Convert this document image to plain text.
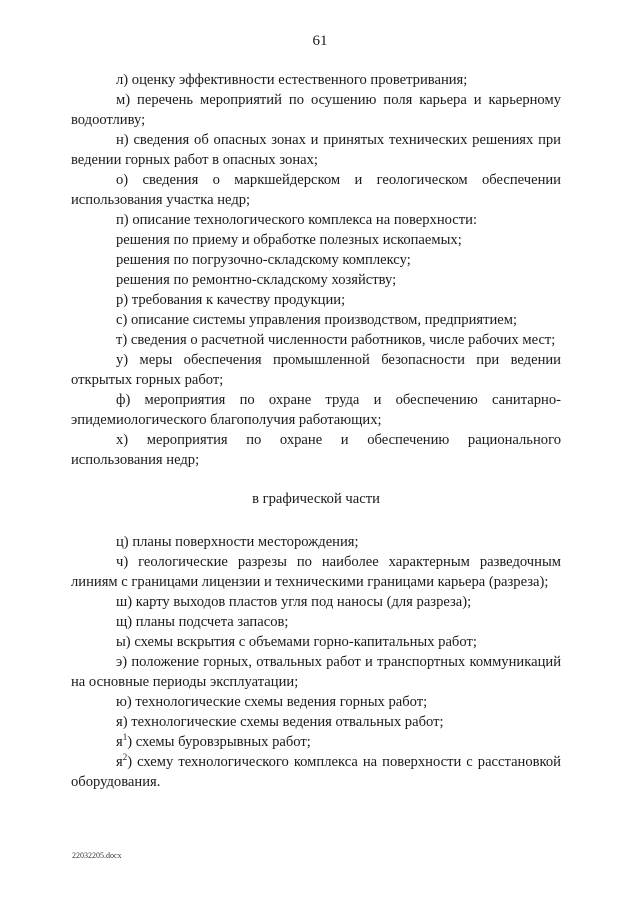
61

л) оценку эффективности естественного проветривания;

м) перечень мероприятий по осушению поля карьера и карьерному водоотливу;

н) сведения об опасных зонах и принятых технических решениях при ведении горных работ в опасных зонах;

о) сведения о маркшейдерском и геологическом обеспечении использования участка недр;

п) описание технологического комплекса на поверхности:

решения по приему и обработке полезных ископаемых;

решения по погрузочно-складскому комплексу;

решения по ремонтно-складскому хозяйству;

р) требования к качеству продукции;

с) описание системы управления производством, предприятием;

т) сведения о расчетной численности работников, числе рабочих мест;

у) меры обеспечения промышленной безопасности при ведении открытых горных работ;

ф) мероприятия по охране труда и обеспечению санитарно-эпидемиологического благополучия работающих;

х) мероприятия по охране и обеспечению рационального использования недр;

в графической части

ц) планы поверхности месторождения;

ч) геологические разрезы по наиболее характерным разведочным линиям с границами лицензии и техническими границами карьера (разреза);

ш) карту выходов пластов угля под наносы (для разреза);

щ) планы подсчета запасов;

ы) схемы вскрытия с объемами горно-капитальных работ;

э) положение горных, отвальных работ и транспортных коммуникаций на основные периоды эксплуатации;

ю) технологические схемы ведения горных работ;

я) технологические схемы ведения отвальных работ;

$я^1$) схемы буровзрывных работ;

$я^2$) схему технологического комплекса на поверхности с расстановкой оборудования.

22032205.docx
